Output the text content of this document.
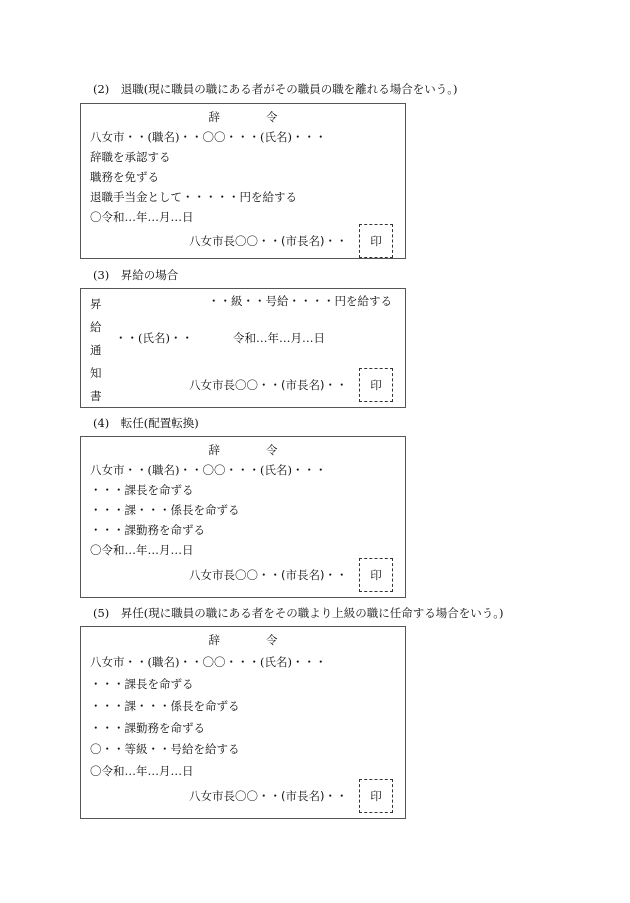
(2)　退職(現に職員の職にある者がその職員の職を離れる場合をいう。)
辞	令
八女市・・(職名)・・〇〇・・・(氏名)・・・
辞職を承認する
職務を免ずる
退職手当金として・・・・・円を給する
〇令和…年…月…日
八女市長〇〇・・(市長名)・・	印
(3)　昇給の場合
昇
給
通
知
書
・・級・・号給・・・・円を給する
・・(氏名)・・	令和…年…月…日
八女市長〇〇・・(市長名)・・	印
(4)　転任(配置転換)
辞	令
八女市・・(職名)・・〇〇・・・(氏名)・・・
・・・課長を命ずる
・・・課・・・係長を命ずる
・・・課勤務を命ずる
〇令和…年…月…日
八女市長〇〇・・(市長名)・・	印
(5)　昇任(現に職員の職にある者をその職より上級の職に任命する場合をいう。)
辞	令
八女市・・(職名)・・〇〇・・・(氏名)・・・
・・・課長を命ずる
・・・課・・・係長を命ずる
・・・課勤務を命ずる
〇・・等級・・号給を給する
〇令和…年…月…日
八女市長〇〇・・(市長名)・・	印
